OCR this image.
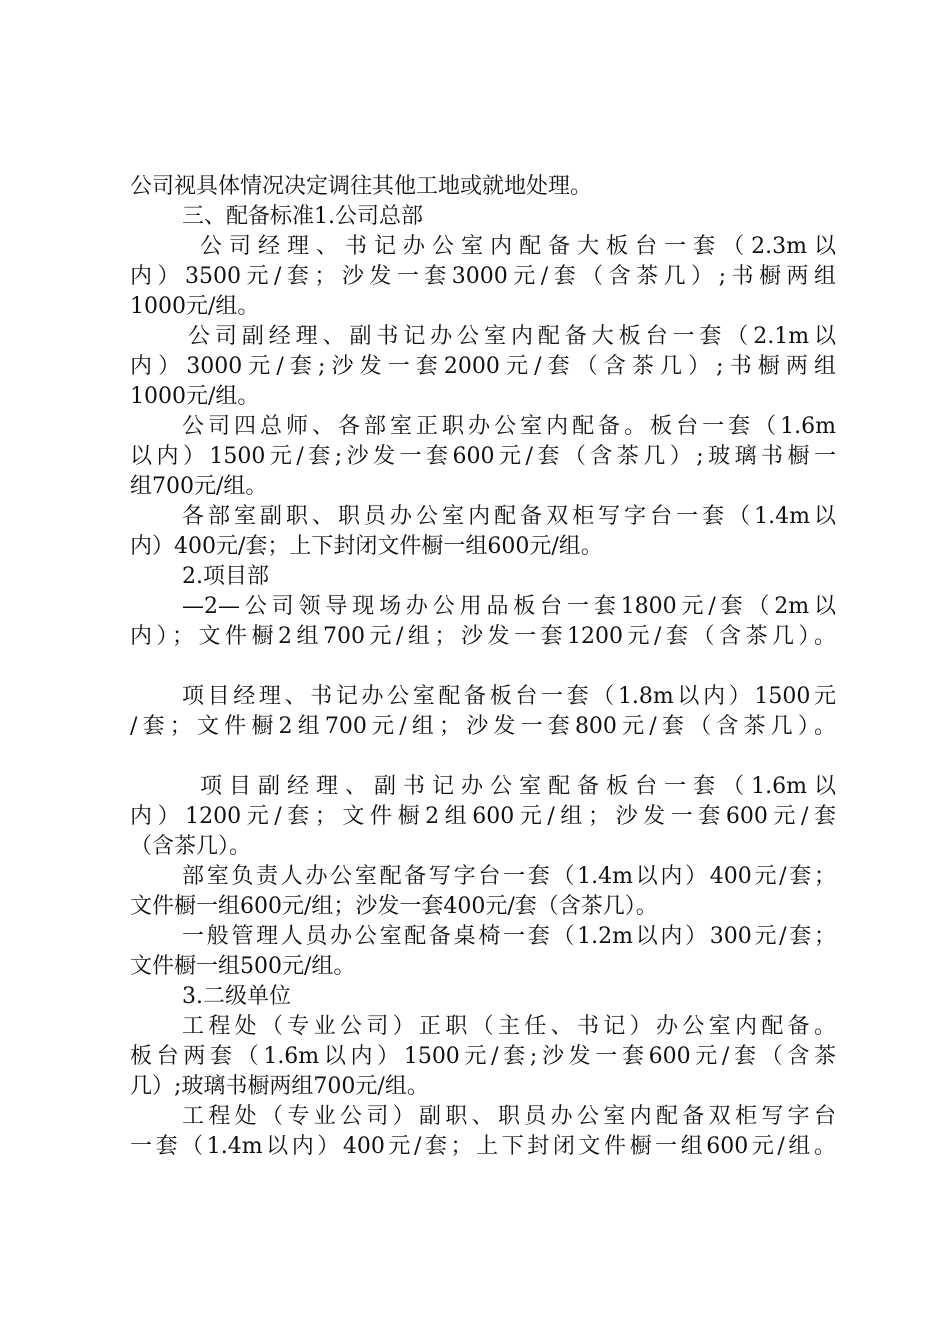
公司视具体情况决定调往其他工地或就地处理。
三、配备标准1.公司总部
公司经理、书记办公室内配备大板台一套（2.3m以
内）3500元/套；沙发一套3000元/套（含茶几）;书橱两组
1000元/组。
公司副经理、副书记办公室内配备大板台一套（2.1m以
内）3000元/套;沙发一套2000元/套（含茶几）;书橱两组
1000元/组。
公司四总师、各部室正职办公室内配备。板台一套（1.6m
以内）1500元/套;沙发一套600元/套（含茶几）;玻璃书橱一
组700元/组。
各部室副职、职员办公室内配备双柜写字台一套（1.4m以
内）400元/套；上下封闭文件橱一组600元/组。
2.项目部
—2—公司领导现场办公用品板台一套1800元/套（2m以
内）；文件橱2组700元/组；沙发一套1200元/套（含茶几）。
项目经理、书记办公室配备板台一套（1.8m以内）1500元
/套；文件橱2组700元/组；沙发一套800元/套（含茶几）。
项目副经理、副书记办公室配备板台一套（1.6m以
内）1200元/套；文件橱2组600元/组；沙发一套600元/套
（含茶几）。
部室负责人办公室配备写字台一套（1.4m以内）400元/套；
文件橱一组600元/组；沙发一套400元/套（含茶几）。
一般管理人员办公室配备桌椅一套（1.2m以内）300元/套；
文件橱一组500元/组。
3.二级单位
工程处（专业公司）正职（主任、书记）办公室内配备。
板台两套（1.6m以内）1500元/套;沙发一套600元/套（含茶
几）;玻璃书橱两组700元/组。
工程处（专业公司）副职、职员办公室内配备双柜写字台
一套（1.4m以内）400元/套；上下封闭文件橱一组600元/组。
